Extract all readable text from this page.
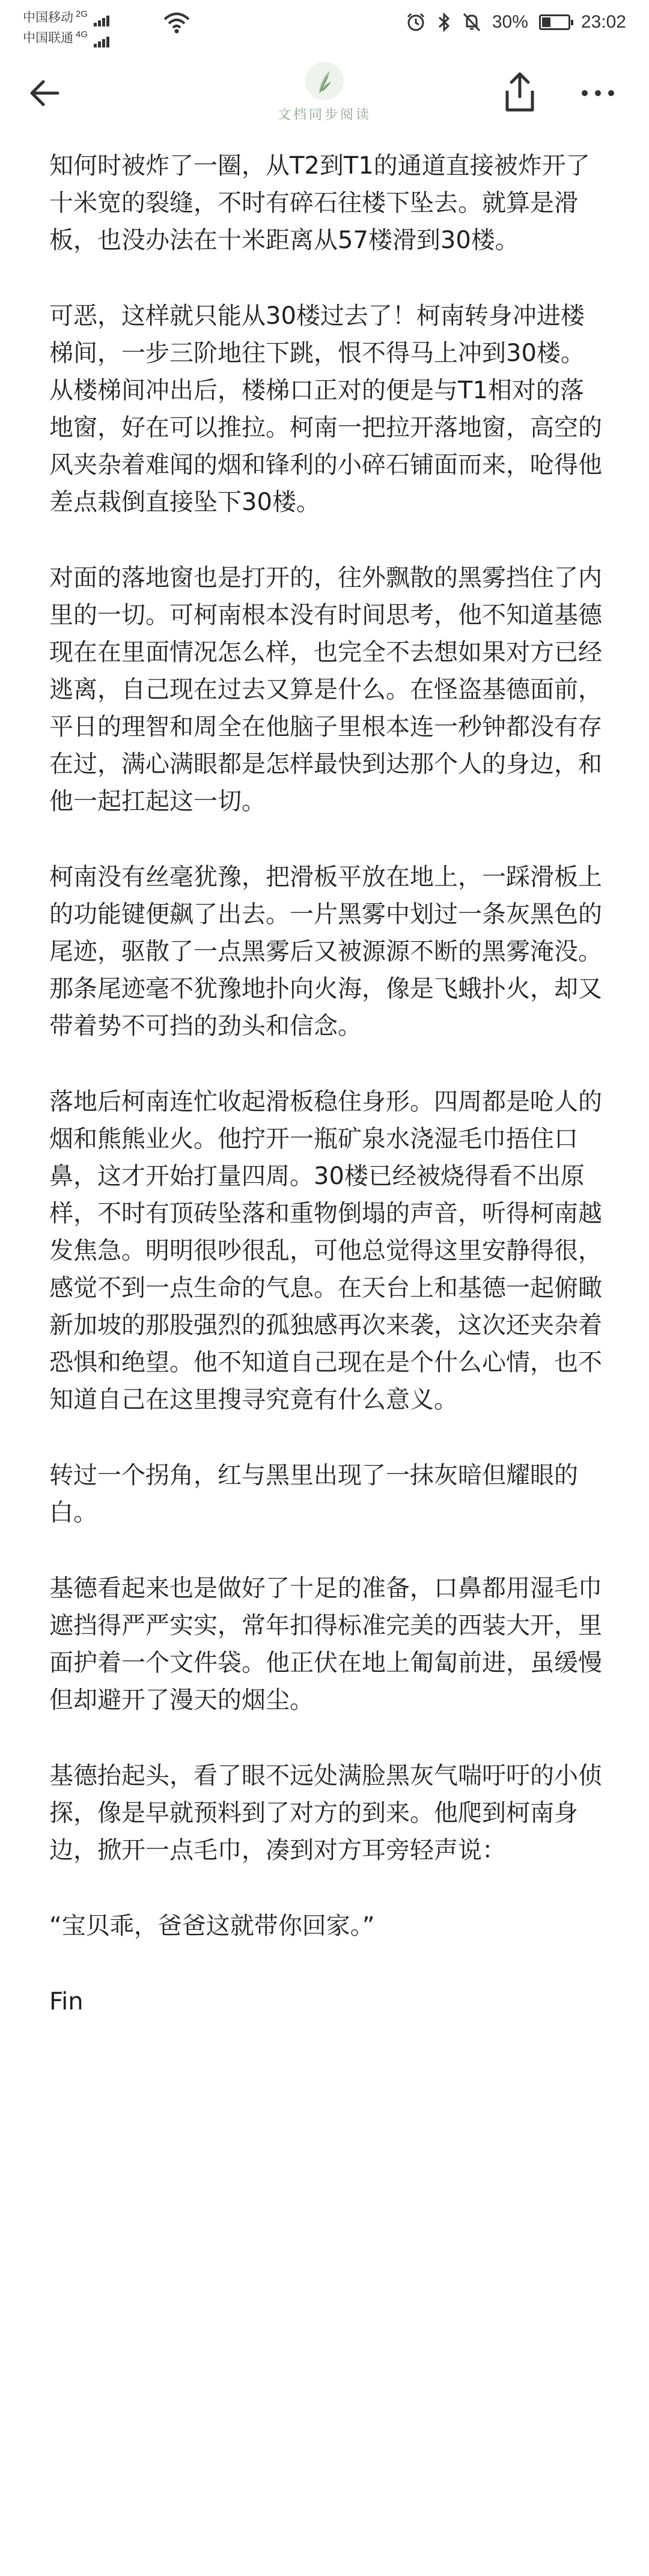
中国移动 $^{2G}$
中国联通 $^{4G}$
30%	23:02
文档同步阅读

知何时被炸了一圈，从T2到T1的通道直接被炸开了十米宽的裂缝，不时有碎石往楼下坠去。就算是滑板，也没办法在十米距离从57楼滑到30楼。

可恶，这样就只能从30楼过去了！柯南转身冲进楼梯间，一步三阶地往下跳，恨不得马上冲到30楼。从楼梯间冲出后，楼梯口正对的便是与T1相对的落地窗，好在可以推拉。柯南一把拉开落地窗，高空的风夹杂着难闻的烟和锋利的小碎石铺面而来，呛得他差点栽倒直接坠下30楼。

对面的落地窗也是打开的，往外飘散的黑雾挡住了内里的一切。可柯南根本没有时间思考，他不知道基德现在在里面情况怎么样，也完全不去想如果对方已经逃离，自己现在过去又算是什么。在怪盗基德面前，平日的理智和周全在他脑子里根本连一秒钟都没有存在过，满心满眼都是怎样最快到达那个人的身边，和他一起扛起这一切。

柯南没有丝毫犹豫，把滑板平放在地上，一踩滑板上的功能键便飙了出去。一片黑雾中划过一条灰黑色的尾迹，驱散了一点黑雾后又被源源不断的黑雾淹没。那条尾迹毫不犹豫地扑向火海，像是飞蛾扑火，却又带着势不可挡的劲头和信念。

落地后柯南连忙收起滑板稳住身形。四周都是呛人的烟和熊熊业火。他拧开一瓶矿泉水浇湿毛巾捂住口鼻，这才开始打量四周。30楼已经被烧得看不出原样，不时有顶砖坠落和重物倒塌的声音，听得柯南越发焦急。明明很吵很乱，可他总觉得这里安静得很，感觉不到一点生命的气息。在天台上和基德一起俯瞰新加坡的那股强烈的孤独感再次来袭，这次还夹杂着恐惧和绝望。他不知道自己现在是个什么心情，也不知道自己在这里搜寻究竟有什么意义。

转过一个拐角，红与黑里出现了一抹灰暗但耀眼的白。

基德看起来也是做好了十足的准备，口鼻都用湿毛巾遮挡得严严实实，常年扣得标准完美的西装大开，里面护着一个文件袋。他正伏在地上匍匐前进，虽缓慢但却避开了漫天的烟尘。

基德抬起头，看了眼不远处满脸黑灰气喘吁吁的小侦探，像是早就预料到了对方的到来。他爬到柯南身边，掀开一点毛巾，凑到对方耳旁轻声说：

“宝贝乖，爸爸这就带你回家。”

Fin
